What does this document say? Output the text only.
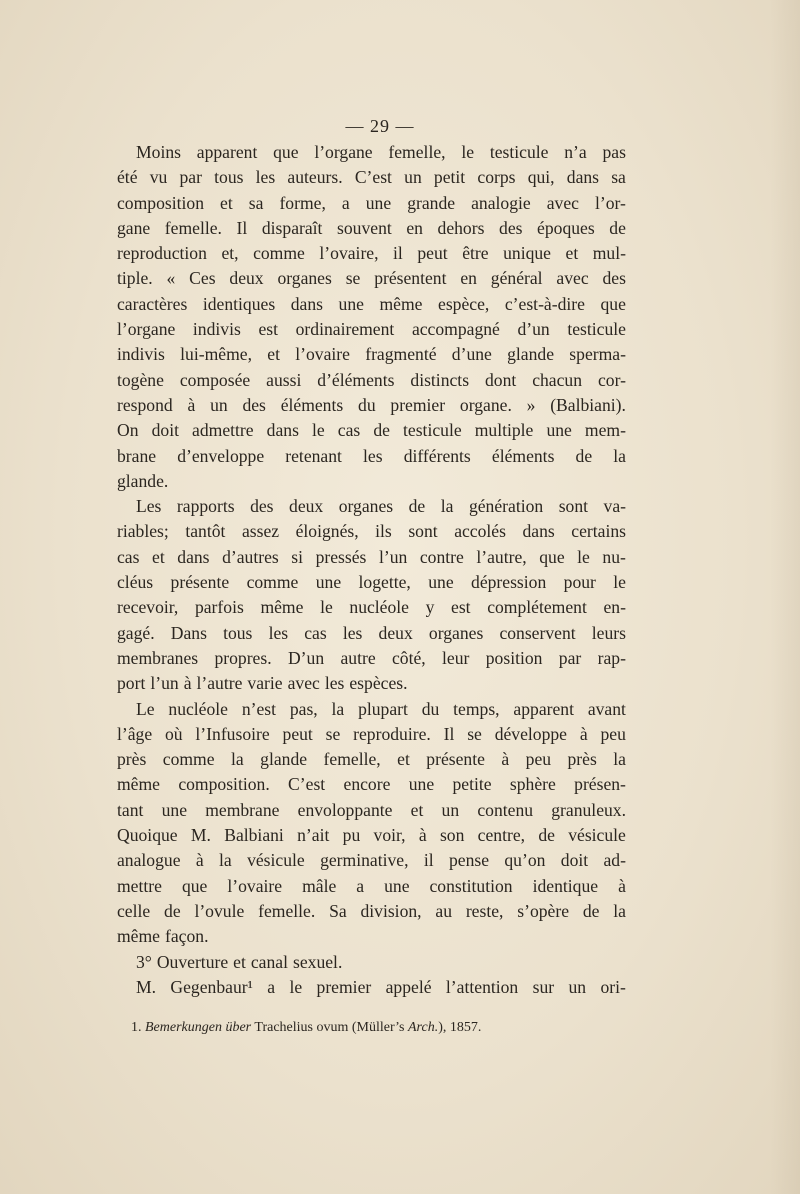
— 29 —
Moins apparent que l’organe femelle, le testicule n’a pas
été vu par tous les auteurs. C’est un petit corps qui, dans sa
composition et sa forme, a une grande analogie avec l’or-
gane femelle. Il disparaît souvent en dehors des époques de
reproduction et, comme l’ovaire, il peut être unique et mul-
tiple. « Ces deux organes se présentent en général avec des
caractères identiques dans une même espèce, c’est-à-dire que
l’organe indivis est ordinairement accompagné d’un testicule
indivis lui-même, et l’ovaire fragmenté d’une glande sperma-
togène composée aussi d’éléments distincts dont chacun cor-
respond à un des éléments du premier organe. » (Balbiani).
On doit admettre dans le cas de testicule multiple une mem-
brane d’enveloppe retenant les différents éléments de la
glande.
Les rapports des deux organes de la génération sont va-
riables; tantôt assez éloignés, ils sont accolés dans certains
cas et dans d’autres si pressés l’un contre l’autre, que le nu-
cléus présente comme une logette, une dépression pour le
recevoir, parfois même le nucléole y est complétement en-
gagé. Dans tous les cas les deux organes conservent leurs
membranes propres. D’un autre côté, leur position par rap-
port l’un à l’autre varie avec les espèces.
Le nucléole n’est pas, la plupart du temps, apparent avant
l’âge où l’Infusoire peut se reproduire. Il se développe à peu
près comme la glande femelle, et présente à peu près la
même composition. C’est encore une petite sphère présen-
tant une membrane envoloppante et un contenu granuleux.
Quoique M. Balbiani n’ait pu voir, à son centre, de vésicule
analogue à la vésicule germinative, il pense qu’on doit ad-
mettre que l’ovaire mâle a une constitution identique à
celle de l’ovule femelle. Sa division, au reste, s’opère de la
même façon.
3° Ouverture et canal sexuel.
M. Gegenbaur¹ a le premier appelé l’attention sur un ori-
1. Bemerkungen über Trachelius ovum (Müller’s Arch.), 1857.
